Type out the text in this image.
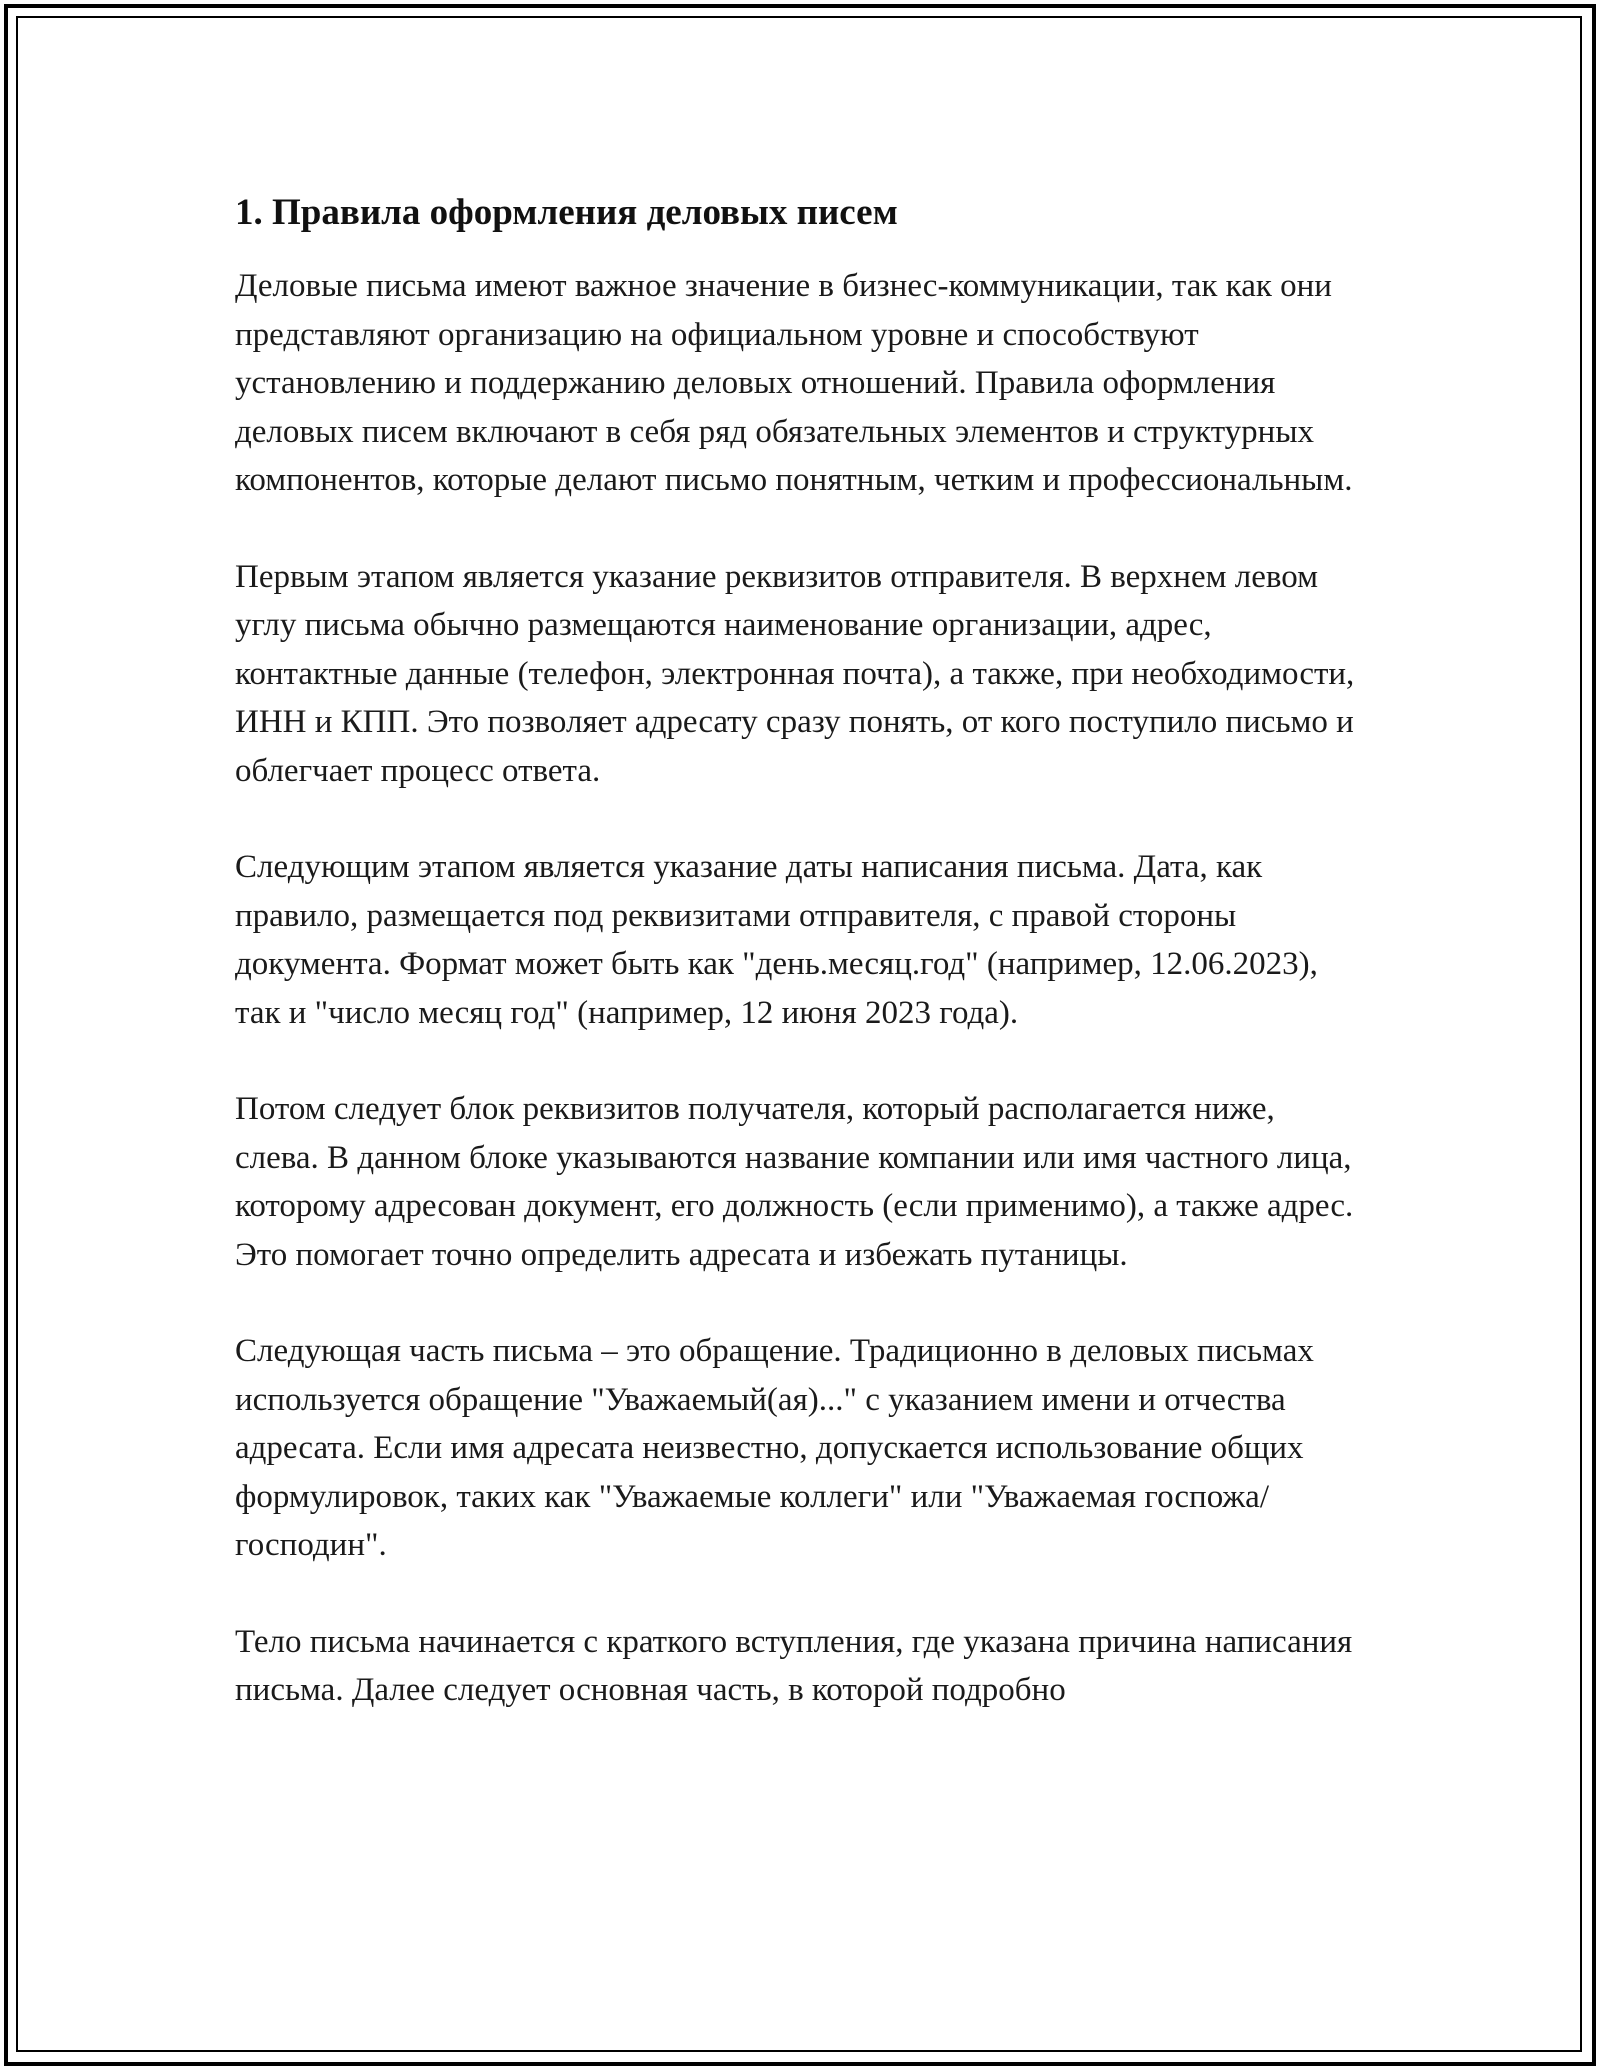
1. Правила оформления деловых писем

Деловые письма имеют важное значение в бизнес-коммуникации, так как они представляют организацию на официальном уровне и способствуют установлению и поддержанию деловых отношений. Правила оформления деловых писем включают в себя ряд обязательных элементов и структурных компонентов, которые делают письмо понятным, четким и профессиональным.

Первым этапом является указание реквизитов отправителя. В верхнем левом углу письма обычно размещаются наименование организации, адрес, контактные данные (телефон, электронная почта), а также, при необходимости, ИНН и КПП. Это позволяет адресату сразу понять, от кого поступило письмо и облегчает процесс ответа.

Следующим этапом является указание даты написания письма. Дата, как правило, размещается под реквизитами отправителя, с правой стороны документа. Формат может быть как "день.месяц.год" (например, 12.06.2023), так и "число месяц год" (например, 12 июня 2023 года).

Потом следует блок реквизитов получателя, который располагается ниже, слева. В данном блоке указываются название компании или имя частного лица, которому адресован документ, его должность (если применимо), а также адрес. Это помогает точно определить адресата и избежать путаницы.

Следующая часть письма – это обращение. Традиционно в деловых письмах используется обращение "Уважаемый(ая)..." с указанием имени и отчества адресата. Если имя адресата неизвестно, допускается использование общих формулировок, таких как "Уважаемые коллеги" или "Уважаемая госпожа/господин".

Тело письма начинается с краткого вступления, где указана причина написания письма. Далее следует основная часть, в которой подробно
